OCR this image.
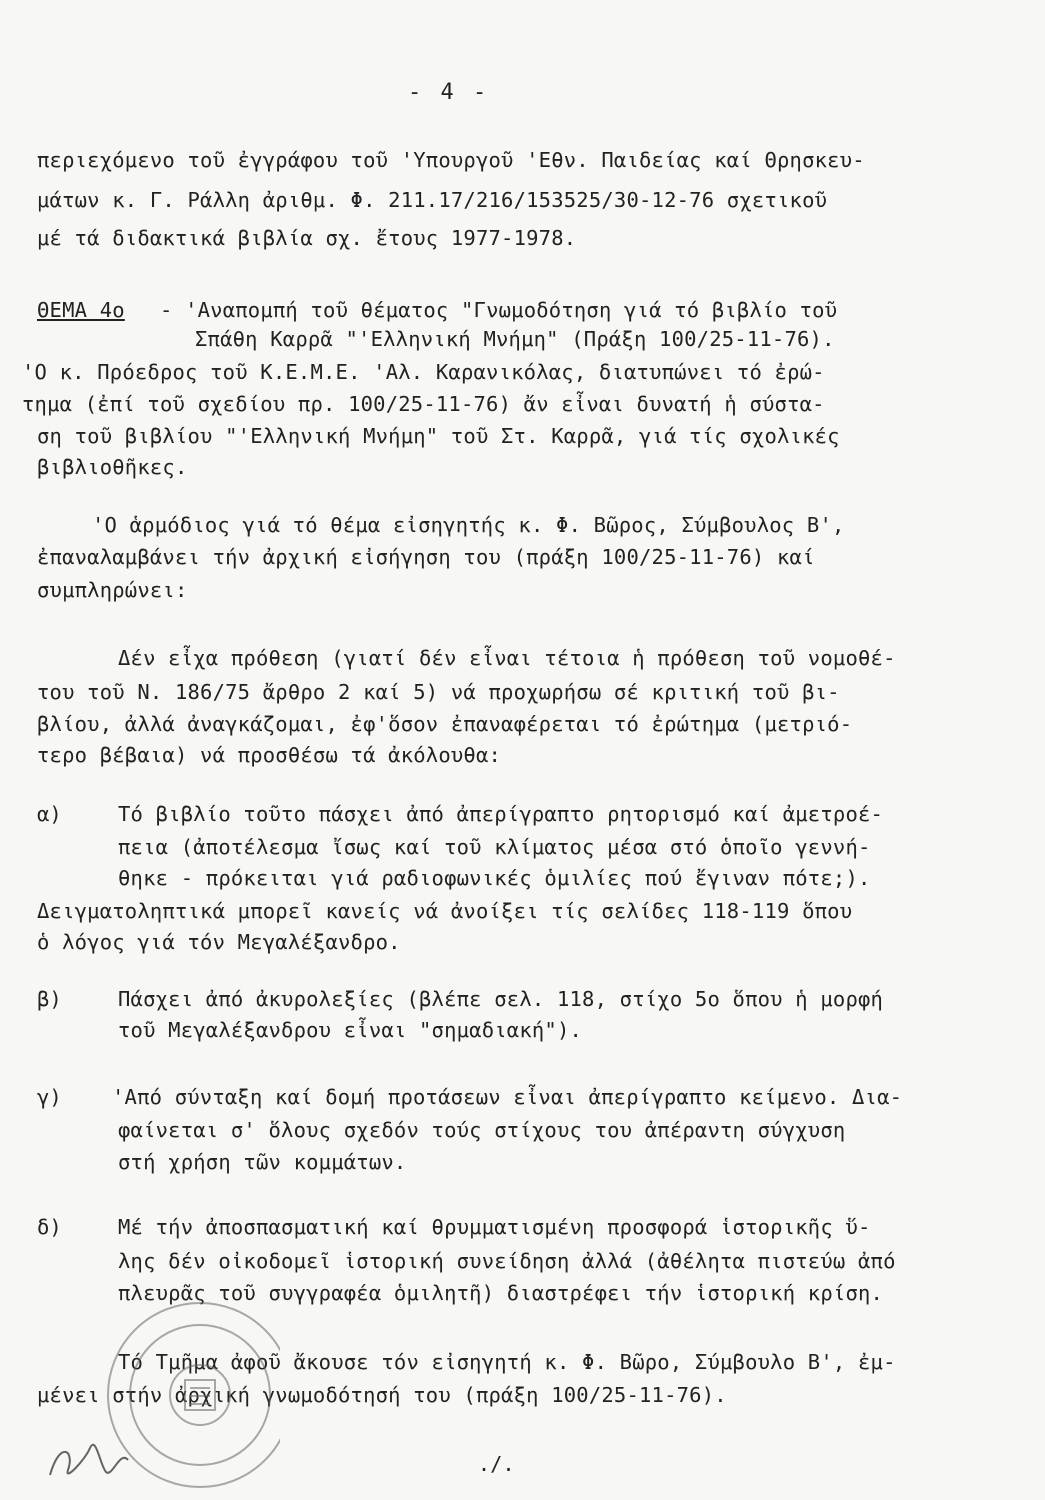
- 4 -
περιεχόμενο τοῦ ἐγγράφου τοῦ 'Υπουργοῦ 'Εθν. Παιδείας καί Θρησκευ-
μάτων κ. Γ. Ράλλη ἀριθμ. Φ. 211.17/216/153525/30-12-76 σχετικοῦ
μέ τά διδακτικά βιβλία σχ. ἔτους 1977-1978.
ΘΕΜΑ 4ο - 'Αναπομπή τοῦ θέματος "Γνωμοδότηση γιά τό βιβλίο τοῦ
Σπάθη Καρρᾶ "'Ελληνική Μνήμη" (Πράξη 100/25-11-76).
'Ο κ. Πρόεδρος τοῦ Κ.Ε.Μ.Ε. 'Αλ. Καρανικόλας, διατυπώνει τό ἐρώ-
τημα (ἐπί τοῦ σχεδίου πρ. 100/25-11-76) ἄν εἶναι δυνατή ἡ σύστα-
ση τοῦ βιβλίου "'Ελληνική Μνήμη" τοῦ Στ. Καρρᾶ, γιά τίς σχολικές
βιβλιοθῆκες.
'Ο ἁρμόδιος γιά τό θέμα εἰσηγητής κ. Φ. Βῶρος, Σύμβουλος Β',
ἐπαναλαμβάνει τήν ἀρχική εἰσήγηση του (πράξη 100/25-11-76) καί
συμπληρώνει:
Δέν εἶχα πρόθεση (γιατί δέν εἶναι τέτοια ἡ πρόθεση τοῦ νομοθέ-
του τοῦ Ν. 186/75 ἄρθρο 2 καί 5) νά προχωρήσω σέ κριτική τοῦ βι-
βλίου, ἀλλά ἀναγκάζομαι, ἐφ'ὅσον ἐπαναφέρεται τό ἐρώτημα (μετριό-
τερο βέβαια) νά προσθέσω τά ἀκόλουθα:
α)	Τό βιβλίο τοῦτο πάσχει ἀπό ἀπερίγραπτο ρητορισμό καί ἀμετροέ-
πεια (ἀποτέλεσμα ἴσως καί τοῦ κλίματος μέσα στό ὁποῖο γεννή-
θηκε - πρόκειται γιά ραδιοφωνικές ὁμιλίες πού ἔγιναν πότε;).
Δειγματοληπτικά μπορεῖ κανείς νά ἀνοίξει τίς σελίδες 118-119 ὅπου
ὁ λόγος γιά τόν Μεγαλέξανδρο.
β)	Πάσχει ἀπό ἀκυρολεξίες (βλέπε σελ. 118, στίχο 5ο ὅπου ἡ μορφή
τοῦ Μεγαλέξανδρου εἶναι "σημαδιακή").
γ) 'Από σύνταξη καί δομή προτάσεων εἶναι ἀπερίγραπτο κείμενο. Δια-
φαίνεται σ' ὅλους σχεδόν τούς στίχους του ἀπέραντη σύγχυση
στή χρήση τῶν κομμάτων.
δ)	Μέ τήν ἀποσπασματική καί θρυμματισμένη προσφορά ἱστορικῆς ὕ-
λης δέν οἰκοδομεῖ ἱστορική συνείδηση ἀλλά (ἀθέλητα πιστεύω ἀπό
πλευρᾶς τοῦ συγγραφέα ὁμιλητῆ) διαστρέφει τήν ἱστορική κρίση.
Τό Τμῆμα ἀφοῦ ἄκουσε τόν εἰσηγητή κ. Φ. Βῶρο, Σύμβουλο Β', ἐμ-
μένει στήν ἀρχική γνωμοδότησή του (πράξη 100/25-11-76).
./.
